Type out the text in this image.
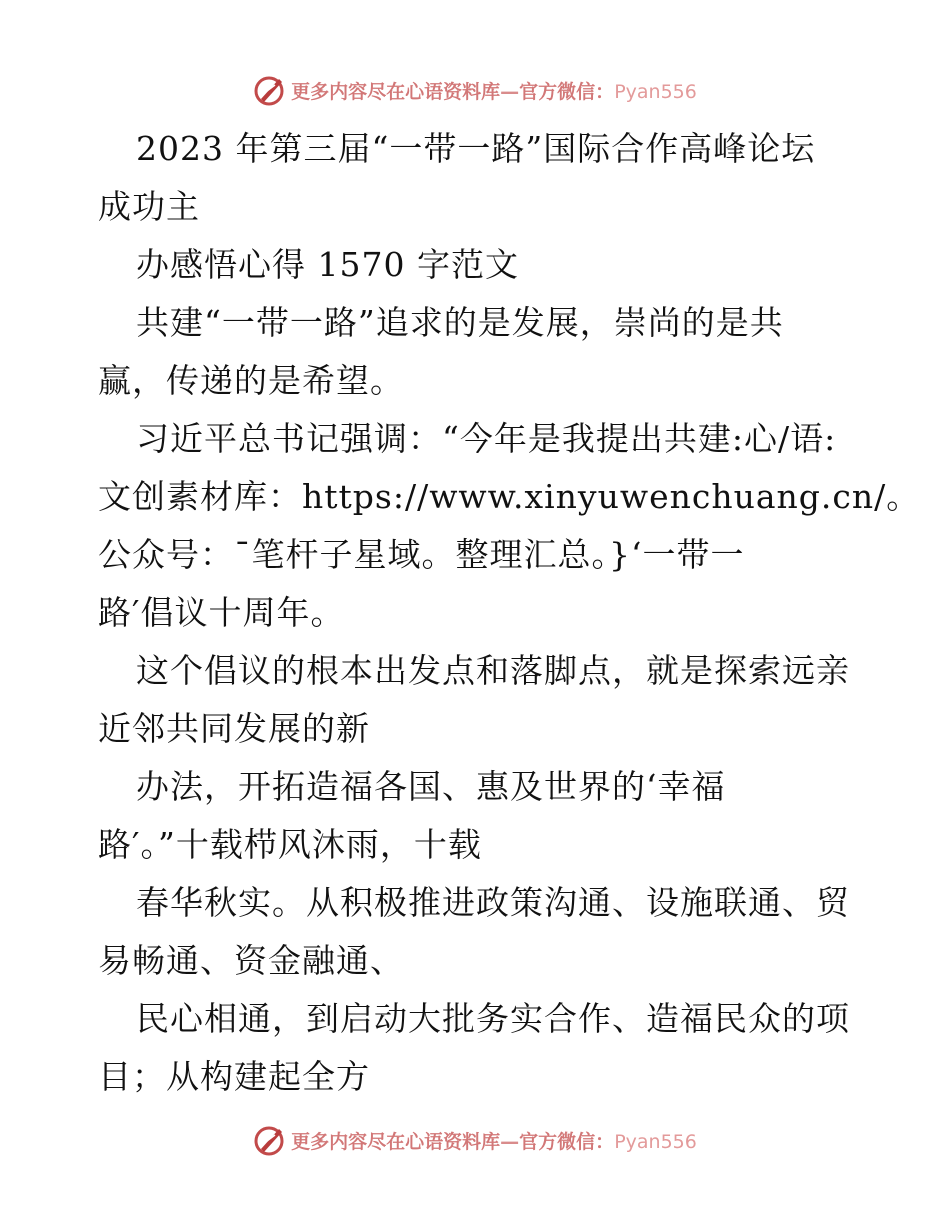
更多内容尽在心语资料库—官方微信：Pyan556
2023 年第三届“一带一路”国际合作高峰论坛
成功主
办感悟心得 1570 字范文
共建“一带一路”追求的是发展，崇尚的是共
赢，传递的是希望。
习近平总书记强调：“今年是我提出共建:心/语:
文创素材库：https://www.xinyuwenchuang.cn/。
公众号：¯笔杆子星域。整理汇总。}‘一带一
路′倡议十周年。
这个倡议的根本出发点和落脚点，就是探索远亲
近邻共同发展的新
办法，开拓造福各国、惠及世界的‘幸福
路′。”十载栉风沐雨，十载
春华秋实。从积极推进政策沟通、设施联通、贸
易畅通、资金融通、
民心相通，到启动大批务实合作、造福民众的项
目；从构建起全方
更多内容尽在心语资料库—官方微信：Pyan556
